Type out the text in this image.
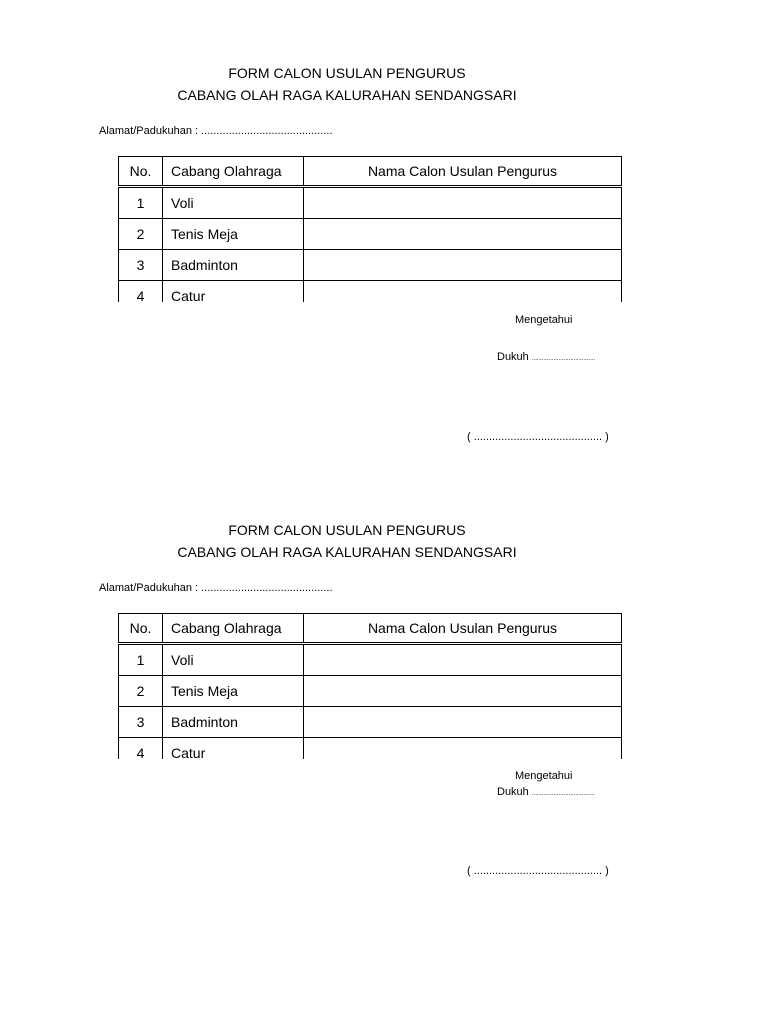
FORM CALON USULAN PENGURUS
CABANG OLAH RAGA KALURAHAN SENDANGSARI
Alamat/Padukuhan : ...........................................
No.	Cabang Olahraga	Nama Calon Usulan Pengurus
1	Voli	
2	Tenis Meja	
3	Badminton	
4	Catur	
Mengetahui
Dukuh ......................................
( .......................................... )
FORM CALON USULAN PENGURUS
CABANG OLAH RAGA KALURAHAN SENDANGSARI
Alamat/Padukuhan : ...........................................
No.	Cabang Olahraga	Nama Calon Usulan Pengurus
1	Voli	
2	Tenis Meja	
3	Badminton	
4	Catur	
Mengetahui
Dukuh ......................................
( .......................................... )
